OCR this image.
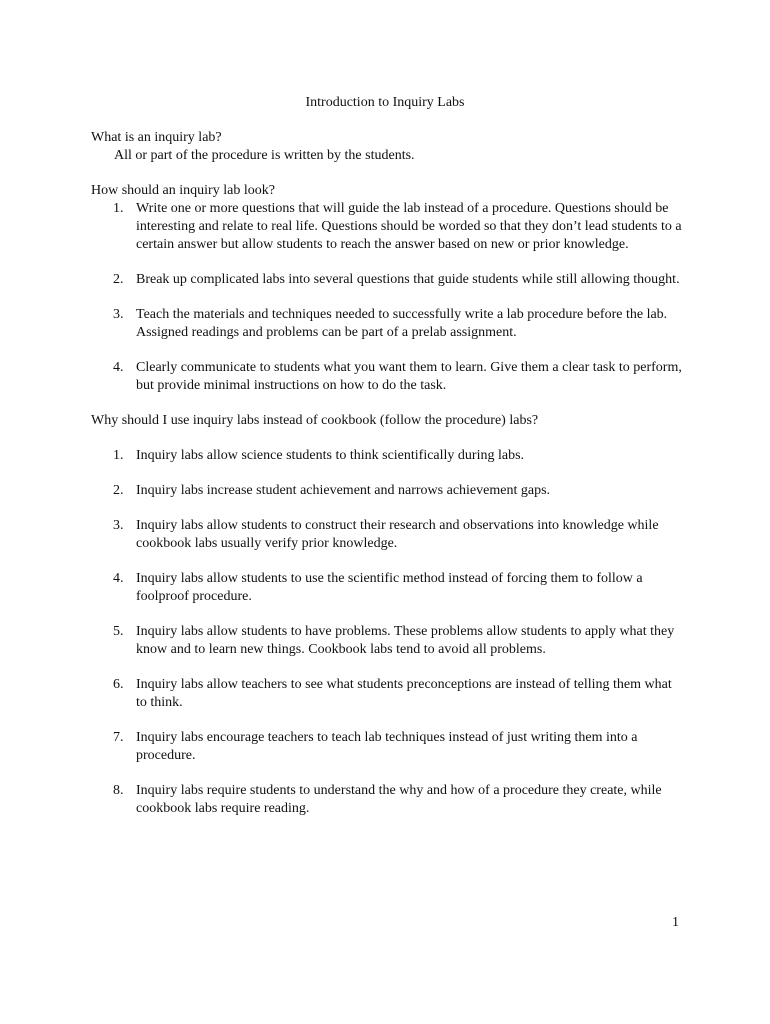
Introduction to Inquiry Labs

What is an inquiry lab?

All or part of the procedure is written by the students.

How should an inquiry lab look?

1. Write one or more questions that will guide the lab instead of a procedure. Questions should be interesting and relate to real life. Questions should be worded so that they don’t lead students to a certain answer but allow students to reach the answer based on new or prior knowledge.
2. Break up complicated labs into several questions that guide students while still allowing thought.
3. Teach the materials and techniques needed to successfully write a lab procedure before the lab. Assigned readings and problems can be part of a prelab assignment.
4. Clearly communicate to students what you want them to learn. Give them a clear task to perform, but provide minimal instructions on how to do the task.

Why should I use inquiry labs instead of cookbook (follow the procedure) labs?

1. Inquiry labs allow science students to think scientifically during labs.
2. Inquiry labs increase student achievement and narrows achievement gaps.
3. Inquiry labs allow students to construct their research and observations into knowledge while cookbook labs usually verify prior knowledge.
4. Inquiry labs allow students to use the scientific method instead of forcing them to follow a foolproof procedure.
5. Inquiry labs allow students to have problems. These problems allow students to apply what they know and to learn new things. Cookbook labs tend to avoid all problems.
6. Inquiry labs allow teachers to see what students preconceptions are instead of telling them what to think.
7. Inquiry labs encourage teachers to teach lab techniques instead of just writing them into a procedure.
8. Inquiry labs require students to understand the why and how of a procedure they create, while cookbook labs require reading.

1
